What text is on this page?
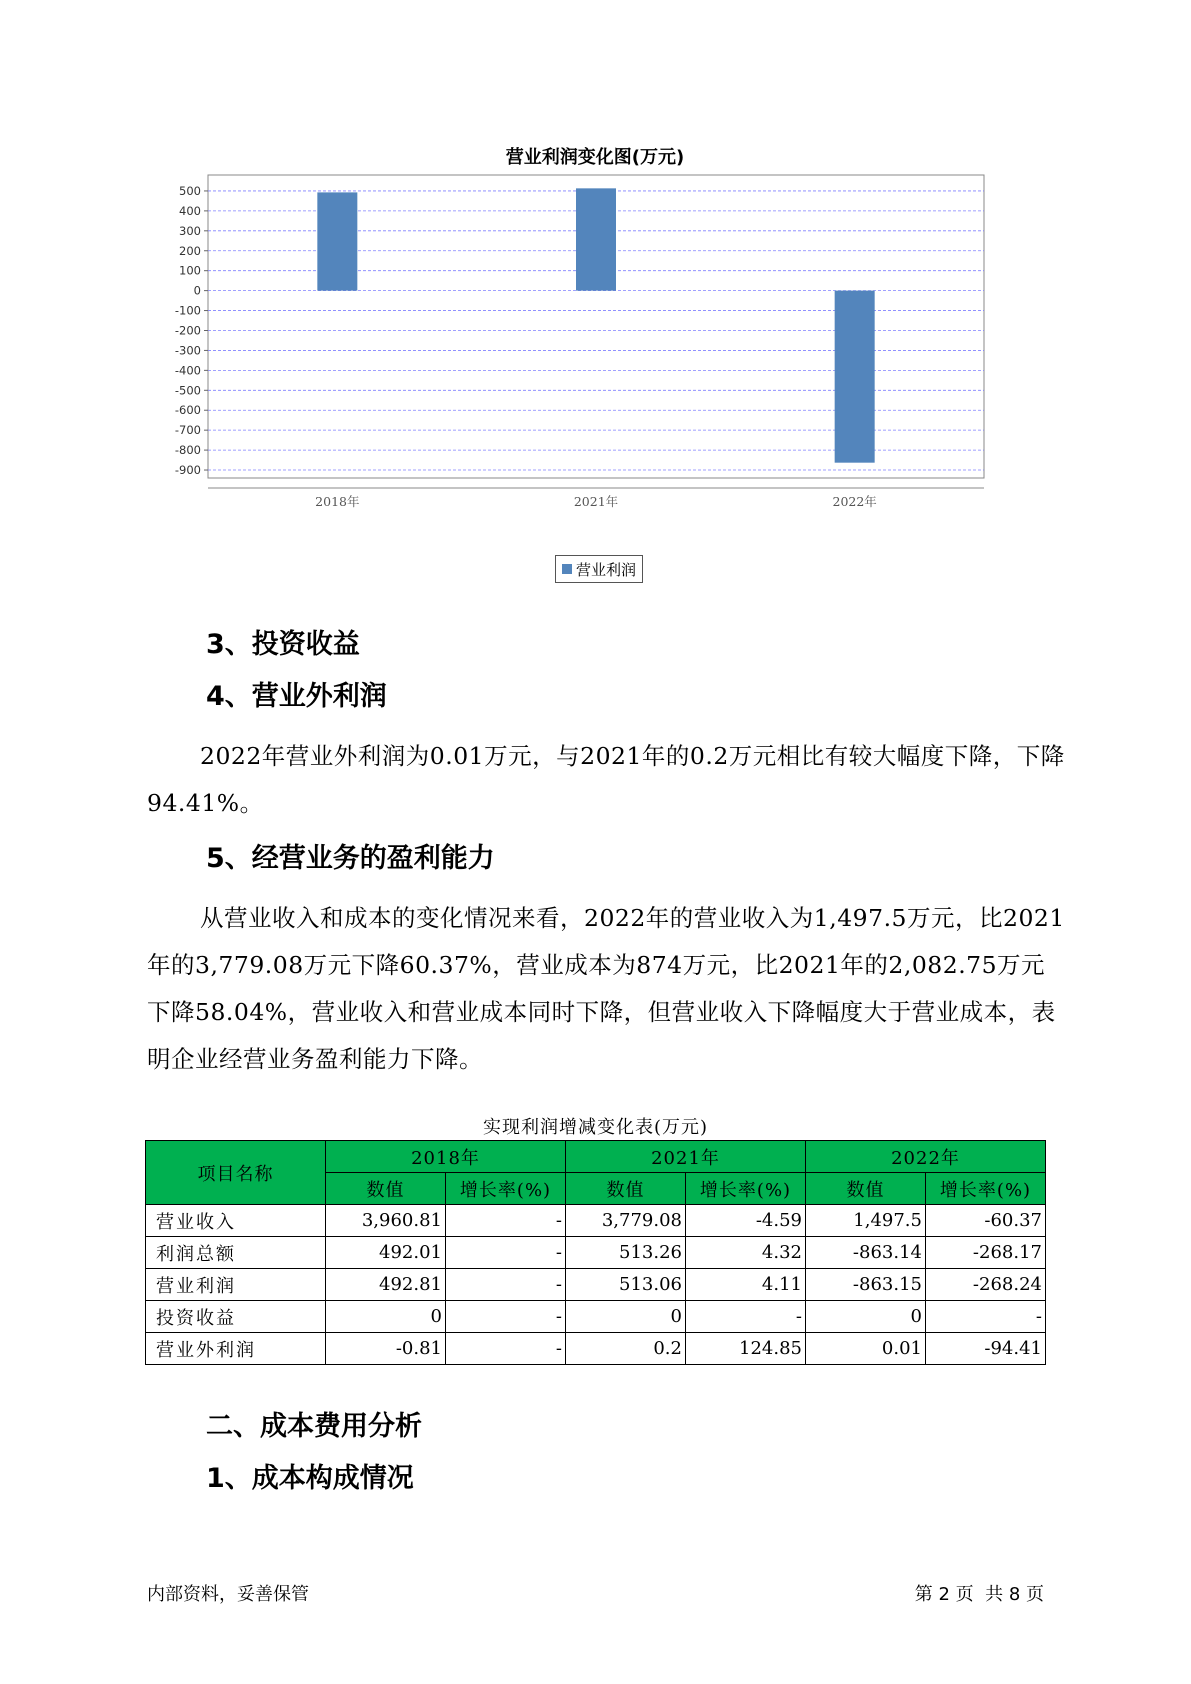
营业利润变化图(万元)
500
400
300
200
100
0
-100
-200
-300
-400
-500
-600
-700
-800
-900
2018年	2021年	2022年
营业利润
3、投资收益
4、营业外利润

2022年营业外利润为0.01万元，与2021年的0.2万元相比有较大幅度下降，下降94.41%。

5、经营业务的盈利能力

从营业收入和成本的变化情况来看，2022年的营业收入为1,497.5万元，比2021年的3,779.08万元下降60.37%，营业成本为874万元，比2021年的2,082.75万元下降58.04%，营业收入和营业成本同时下降，但营业收入下降幅度大于营业成本，表明企业经营业务盈利能力下降。

实现利润增减变化表(万元)
项目名称	2018年		2021年		2022年	
	数值	增长率(%)	数值	增长率(%)	数值	增长率(%)
营业收入	3,960.81	-	3,779.08	-4.59	1,497.5	-60.37
利润总额	492.01	-	513.26	4.32	-863.14	-268.17
营业利润	492.81	-	513.06	4.11	-863.15	-268.24
投资收益	0	-	0	-	0	-
营业外利润	-0.81	-	0.2	124.85	0.01	-94.41
二、成本费用分析
1、成本构成情况
内部资料，妥善保管	第 2 页  共 8 页
